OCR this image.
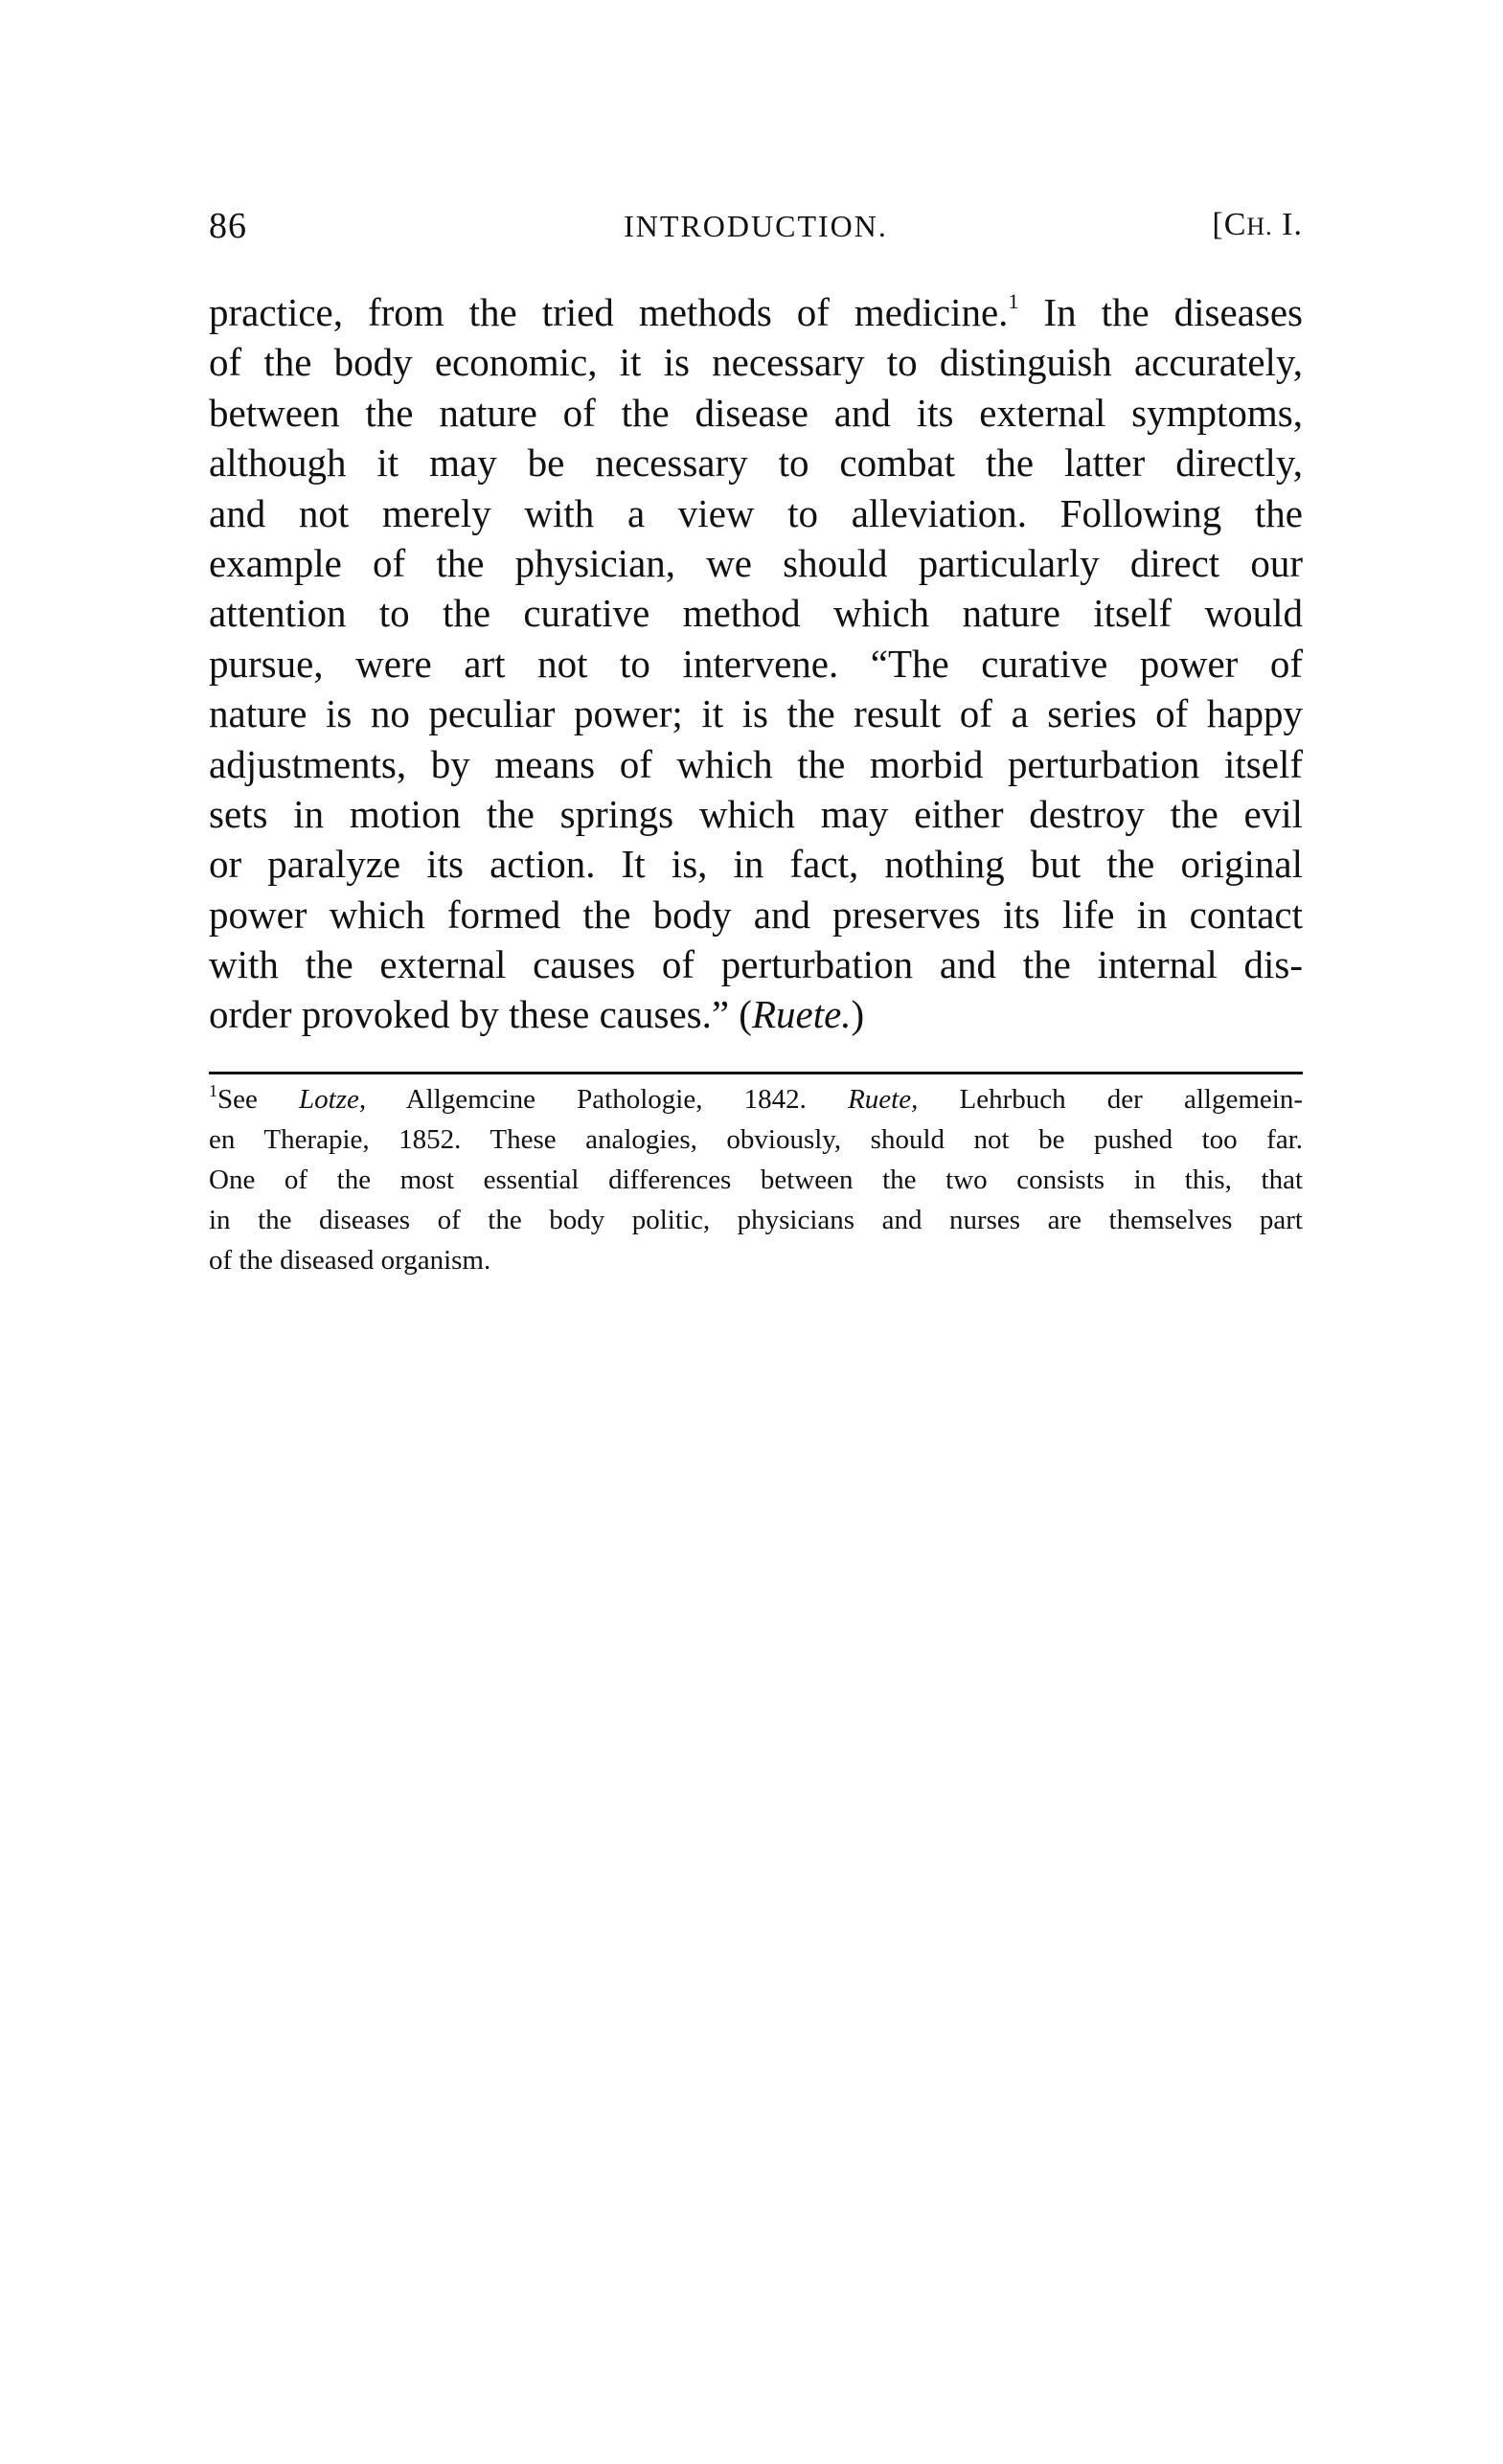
86	INTRODUCTION.	[CH. I.
practice, from the tried methods of medicine.$^1$ In the diseases
of the body economic, it is necessary to distinguish accurately,
between the nature of the disease and its external symptoms,
although it may be necessary to combat the latter directly,
and not merely with a view to alleviation. Following the
example of the physician, we should particularly direct our
attention to the curative method which nature itself would
pursue, were art not to intervene. “The curative power of
nature is no peculiar power; it is the result of a series of happy
adjustments, by means of which the morbid perturbation itself
sets in motion the springs which may either destroy the evil
or paralyze its action. It is, in fact, nothing but the original
power which formed the body and preserves its life in contact
with the external causes of perturbation and the internal dis-
order provoked by these causes.” (Ruete.)
$^1$See Lotze, Allgemcine Pathologie, 1842. Ruete, Lehrbuch der allgemein-
en Therapie, 1852. These analogies, obviously, should not be pushed too far.
One of the most essential differences between the two consists in this, that
in the diseases of the body politic, physicians and nurses are themselves part
of the diseased organism.
